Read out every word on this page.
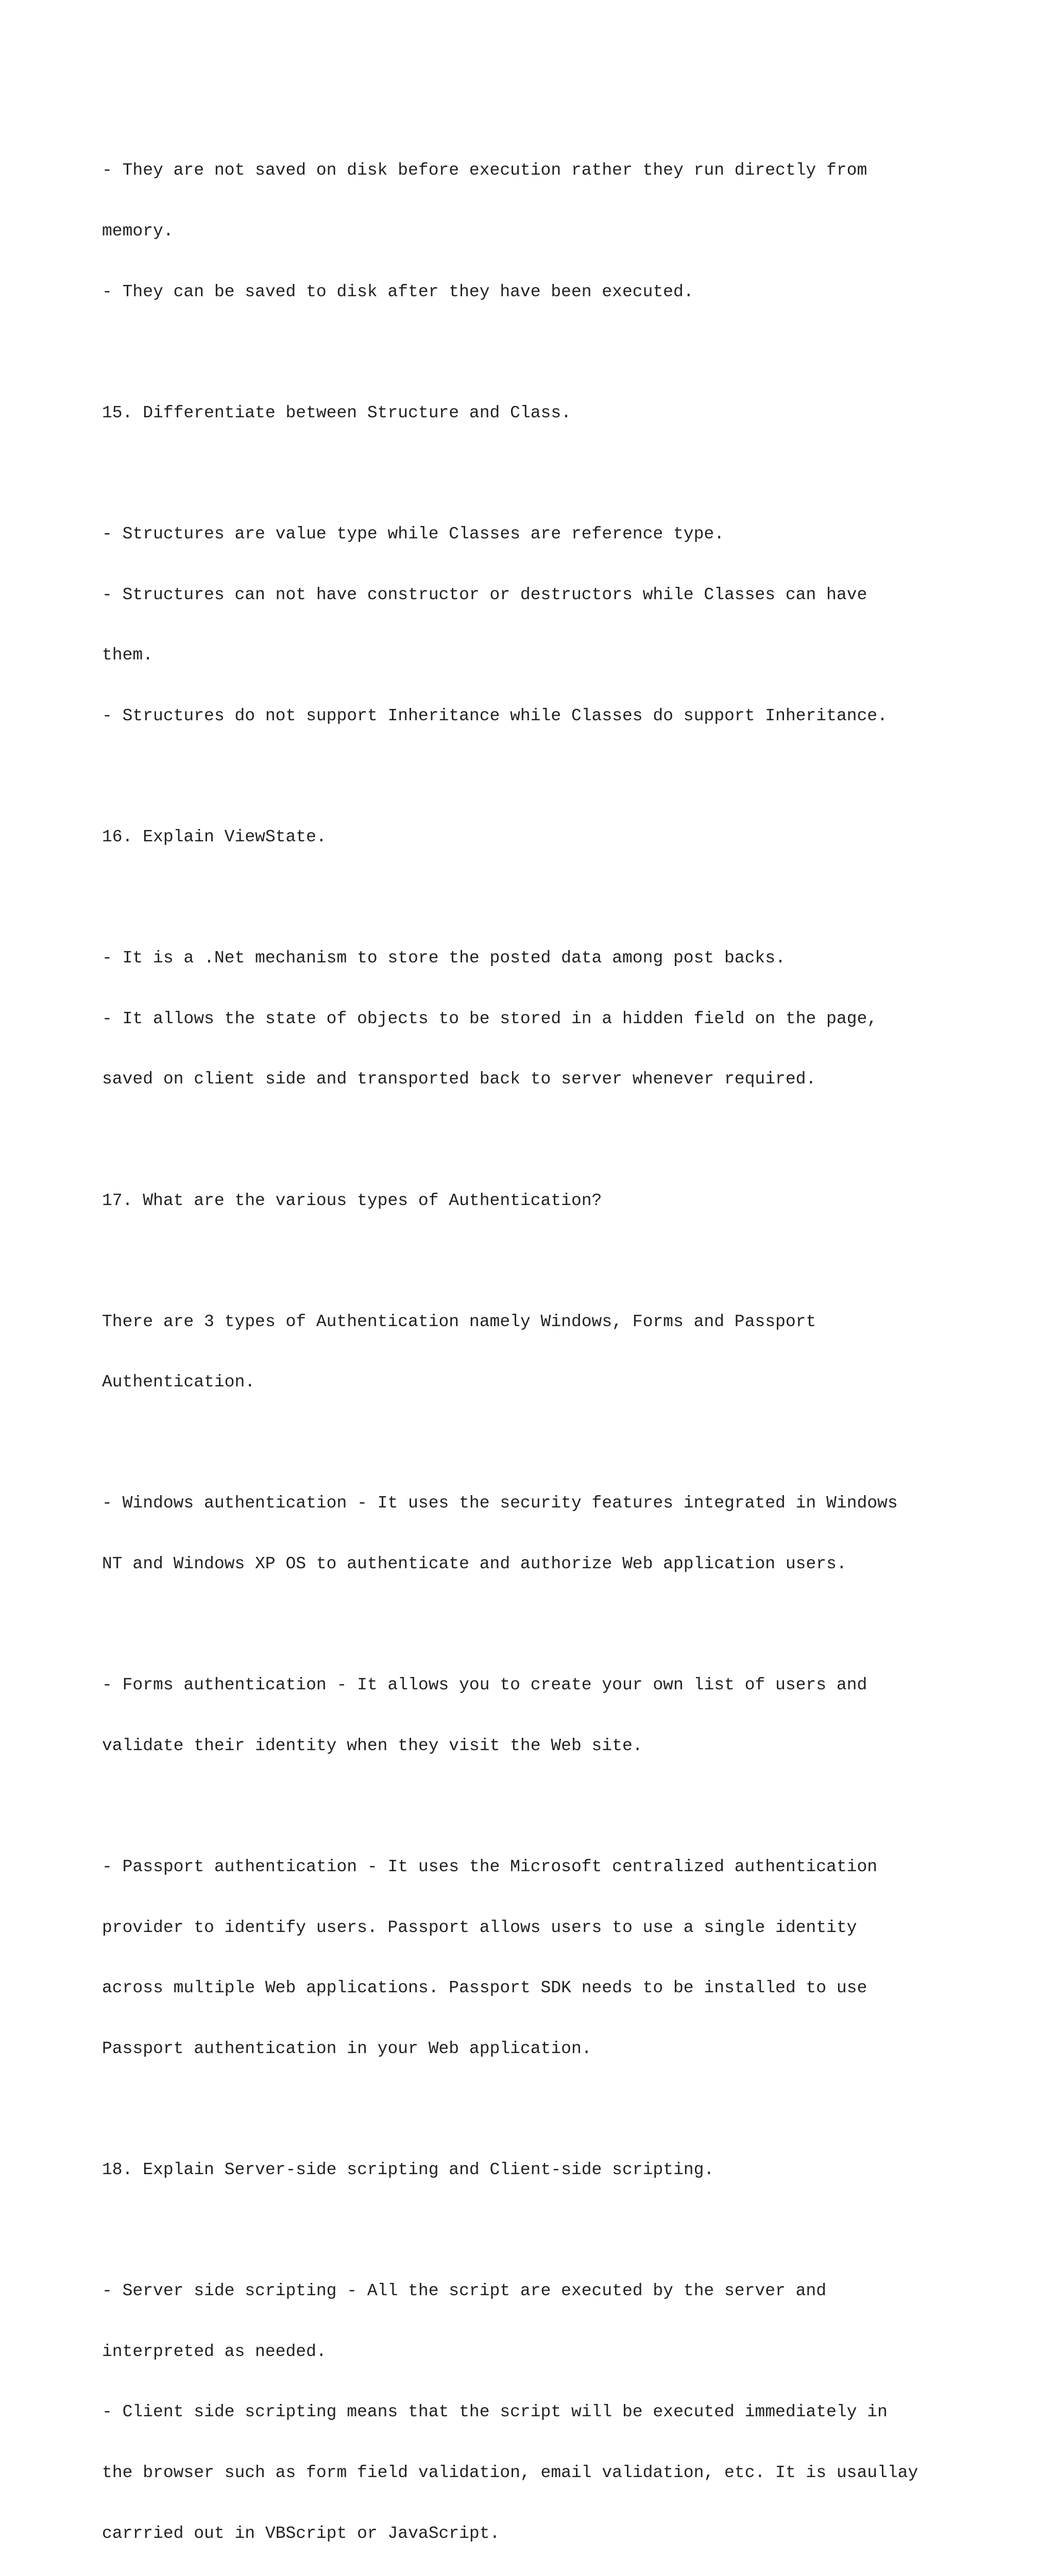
- They are not saved on disk before execution rather they run directly from

memory.

- They can be saved to disk after they have been executed.

15. Differentiate between Structure and Class.

- Structures are value type while Classes are reference type.

- Structures can not have constructor or destructors while Classes can have

them.

- Structures do not support Inheritance while Classes do support Inheritance.

16. Explain ViewState.

- It is a .Net mechanism to store the posted data among post backs.

- It allows the state of objects to be stored in a hidden field on the page,

saved on client side and transported back to server whenever required.

17. What are the various types of Authentication?

There are 3 types of Authentication namely Windows, Forms and Passport

Authentication.

- Windows authentication - It uses the security features integrated in Windows

NT and Windows XP OS to authenticate and authorize Web application users.

- Forms authentication - It allows you to create your own list of users and

validate their identity when they visit the Web site.

- Passport authentication - It uses the Microsoft centralized authentication

provider to identify users. Passport allows users to use a single identity

across multiple Web applications. Passport SDK needs to be installed to use

Passport authentication in your Web application.

18. Explain Server-side scripting and Client-side scripting.

- Server side scripting - All the script are executed by the server and

interpreted as needed.

- Client side scripting means that the script will be executed immediately in

the browser such as form field validation, email validation, etc. It is usaullay

carrried out in VBScript or JavaScript.
